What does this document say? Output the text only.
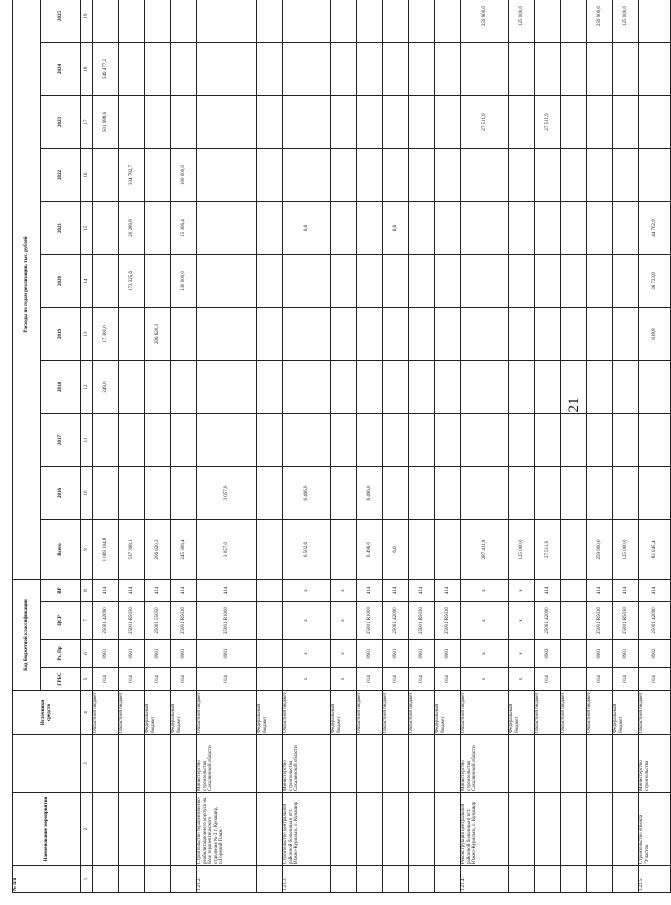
21
№ п/п	Наименование мероприятия		Источники средств	Код бюджетной классификации				Расходы по годам реализации, тыс. рублей										
				ГРБС	Рз, Пр	ЦСР	ВР	Всего	2016	2017	2018	2019	2020	2021	2022	2023	2024	2025

1	2	3	4	5	6	7	8	9	10	11	12	13	14	15	16	17	18	19
			Областной бюджет	014	0901	25001 42090	414	1 069 104,8			249,0	17 300,0				501 988,6	549 477,2	
			Областной бюджет	014	0901	25001 R5030	414	537 398,1					172 325,6	20 289,8	334 782,7			
			Федеральный бюджет	014	0901	25001 55050	414	206 620,3				206 620,3						
			Федеральный бюджет	014	0901	25001 R5030	414	245 306,4					130 000,0	15 306,4	100 000,0			
1.21.2.	Строительство терапевтическо-реабилитационного корпуса на базе терапевтического отделения № 2 г. Кунашир, п.Горячий Пляж	Министерство строительства Сахалинской области	Областной бюджет	014	0901	25001 R1000	414	3 057,0	3 057,0									
			Федеральный бюджет															
1.21.3.	Строительство центральной районной больницы в пгт. Южно-Курильск, о. Кунашир	Министерство строительства Сахалинской области	Областной бюджет	х	х	х	х	6 502,6	6 496,0					6,6				
			Федеральный бюджет	х	х	х	х											
			Областной бюджет	014	0901	25001 R1000	414	6 496,0	6 496,0									
			Областной бюджет	014	0901	25001 42090	414	6,6						6,6				
			Областной бюджет	014	0901	25001 R5030	414											
			Федеральный бюджет	014	0901	25001 R5030	414											
1.21.4.	Реконструкция центральной районной больницы в пгт. Южно-Курильск, о. Кунашир	Министерство строительства Сахалинской области	Областной бюджет	х	х	х	х	287 411,9								27 511,9		259 900,0
			Федеральный бюджет	х	х	х	х	125 000,0										125 000,0
			Областной бюджет	014	0902	25001 42090	414	27 511,9								27 511,9		
			Областной бюджет															
			Областной бюджет	014	0901	25001 R5030	414	259 900,0										259 900,0
			Федеральный бюджет	014	0901	25001 R5030	414	125 000,0										125 000,0
1.21.5.	Строительство объекта "Участок	Министерство строительства	Областной бюджет	014	0902	25001 42090	414	82 045,4				618,8	36 723,8	44 702,8				
